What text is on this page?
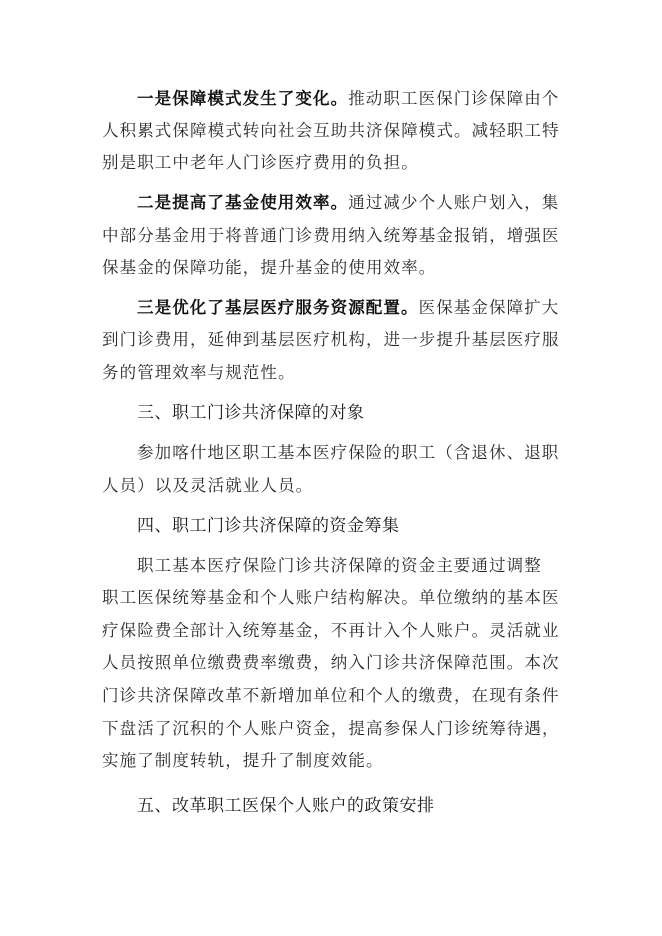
一是保障模式发生了变化。推动职工医保门诊保障由个
人积累式保障模式转向社会互助共济保障模式。减轻职工特
别是职工中老年人门诊医疗费用的负担。
二是提高了基金使用效率。通过减少个人账户划入，集
中部分基金用于将普通门诊费用纳入统筹基金报销，增强医
保基金的保障功能，提升基金的使用效率。
三是优化了基层医疗服务资源配置。医保基金保障扩大
到门诊费用，延伸到基层医疗机构，进一步提升基层医疗服
务的管理效率与规范性。
三、职工门诊共济保障的对象
参加喀什地区职工基本医疗保险的职工（含退休、退职
人员）以及灵活就业人员。
四、职工门诊共济保障的资金筹集
职工基本医疗保险门诊共济保障的资金主要通过调整
职工医保统筹基金和个人账户结构解决。单位缴纳的基本医
疗保险费全部计入统筹基金，不再计入个人账户。灵活就业
人员按照单位缴费费率缴费，纳入门诊共济保障范围。本次
门诊共济保障改革不新增加单位和个人的缴费，在现有条件
下盘活了沉积的个人账户资金，提高参保人门诊统筹待遇，
实施了制度转轨，提升了制度效能。
五、改革职工医保个人账户的政策安排
